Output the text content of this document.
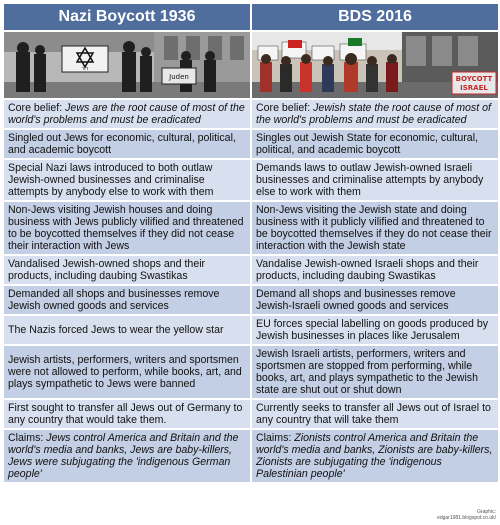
Nazi Boycott 1936	BDS 2016

Juden
דוד	BOYCOTT
ISRAEL

Core belief: Jews are the root cause of most of the world's problems and must be eradicated	Core belief: Jewish state the root cause of most of the world's problems and must be eradicated
Singled out Jews for economic, cultural, political, and academic boycott	Singles out Jewish State for economic, cultural, political, and academic boycott
Special Nazi laws introduced to both outlaw Jewish-owned businesses and criminalise attempts by anybody else to work with them	Demands laws to outlaw Jewish-owned Israeli businesses and criminalise attempts by anybody else to work with them
Non-Jews visiting Jewish houses and doing business with Jews publicly vilified and threatened to be boycotted themselves if they did not cease their interaction with Jews	Non-Jews visiting the Jewish state and doing business with it publicly vilified and threatened to be boycotted themselves if they do not cease their interaction with the Jewish state
Vandalised Jewish-owned shops and their products, including daubing Swastikas	Vandalise Jewish-owned Israeli shops and their products, including daubing Swastikas
Demanded all shops and businesses remove Jewish owned goods and services	Demand all shops and businesses remove Jewish-Israeli owned goods and services
The Nazis forced Jews to wear the yellow star	EU forces special labelling on goods produced by Jewish businesses in places like Jerusalem
Jewish artists, performers, writers and sportsmen were not allowed to perform, while books, art, and plays sympathetic to Jews were banned	Jewish Israeli artists, performers, writers and sportsmen are stopped from performing, while books, art, and plays sympathetic to the Jewish state are shut out or shut down
First sought to transfer all Jews out of Germany to any country that would take them.	Currently seeks to transfer all Jews out of Israel to any country that will take them
Claims: Jews control America and Britain and the world's media and banks, Jews are baby-killers, Jews were subjugating the 'indigenous German people'	Claims: Zionists control America and Britain the world's media and banks, Zionists are baby-killers, Zionists are subjugating the 'indigenous Palestinian people'
Graphic:
edgar1981.blogspot.co.uk/
